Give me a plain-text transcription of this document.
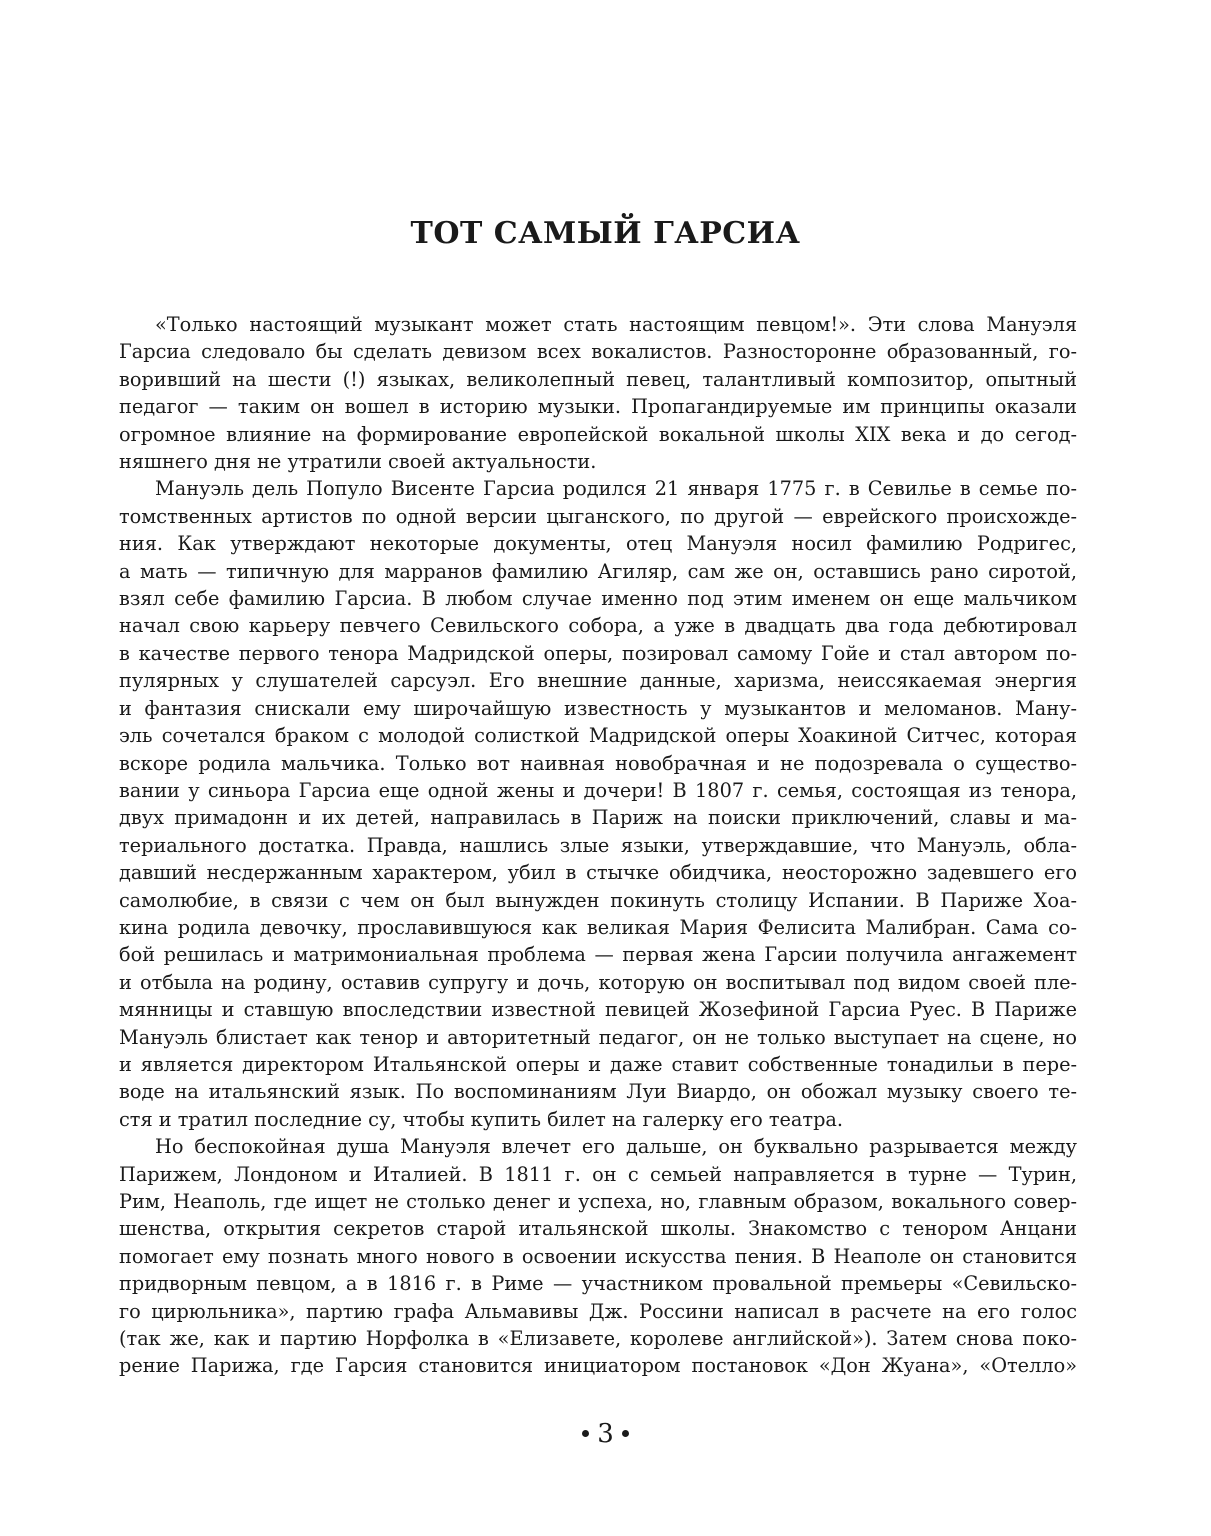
ТОТ САМЫЙ ГАРСИА

«Только настоящий музыкант может стать настоящим певцом!». Эти слова Мануэля
Гарсиа следовало бы сделать девизом всех вокалистов. Разносторонне образованный, го-
воривший на шести (!) языках, великолепный певец, талантливый композитор, опытный
педагог — таким он вошел в историю музыки. Пропагандируемые им принципы оказали
огромное влияние на формирование европейской вокальной школы XIX века и до сегод-
няшнего дня не утратили своей актуальности.

Мануэль дель Популо Висенте Гарсиа родился 21 января 1775 г. в Севилье в семье по-
томственных артистов по одной версии цыганского, по другой — еврейского происхожде-
ния. Как утверждают некоторые документы, отец Мануэля носил фамилию Родригес,
а мать — типичную для марранов фамилию Агиляр, сам же он, оставшись рано сиротой,
взял себе фамилию Гарсиа. В любом случае именно под этим именем он еще мальчиком
начал свою карьеру певчего Севильского собора, а уже в двадцать два года дебютировал
в качестве первого тенора Мадридской оперы, позировал самому Гойе и стал автором по-
пулярных у слушателей сарсуэл. Его внешние данные, харизма, неиссякаемая энергия
и фантазия снискали ему широчайшую известность у музыкантов и меломанов. Ману-
эль сочетался браком с молодой солисткой Мадридской оперы Хоакиной Ситчес, которая
вскоре родила мальчика. Только вот наивная новобрачная и не подозревала о существо-
вании у синьора Гарсиа еще одной жены и дочери! В 1807 г. семья, состоящая из тенора,
двух примадонн и их детей, направилась в Париж на поиски приключений, славы и ма-
териального достатка. Правда, нашлись злые языки, утверждавшие, что Мануэль, обла-
давший несдержанным характером, убил в стычке обидчика, неосторожно задевшего его
самолюбие, в связи с чем он был вынужден покинуть столицу Испании. В Париже Хоа-
кина родила девочку, прославившуюся как великая Мария Фелисита Малибран. Сама со-
бой решилась и матримониальная проблема — первая жена Гарсии получила ангажемент
и отбыла на родину, оставив супругу и дочь, которую он воспитывал под видом своей пле-
мянницы и ставшую впоследствии известной певицей Жозефиной Гарсиа Руес. В Париже
Мануэль блистает как тенор и авторитетный педагог, он не только выступает на сцене, но
и является директором Итальянской оперы и даже ставит собственные тонадильи в пере-
воде на итальянский язык. По воспоминаниям Луи Виардо, он обожал музыку своего те-
стя и тратил последние су, чтобы купить билет на галерку его театра.

Но беспокойная душа Мануэля влечет его дальше, он буквально разрывается между
Парижем, Лондоном и Италией. В 1811 г. он с семьей направляется в турне — Турин,
Рим, Неаполь, где ищет не столько денег и успеха, но, главным образом, вокального совер-
шенства, открытия секретов старой итальянской школы. Знакомство с тенором Анцани
помогает ему познать много нового в освоении искусства пения. В Неаполе он становится
придворным певцом, а в 1816 г. в Риме — участником провальной премьеры «Севильско-
го цирюльника», партию графа Альмавивы Дж. Россини написал в расчете на его голос
(так же, как и партию Норфолка в «Елизавете, королеве английской»). Затем снова поко-
рение Парижа, где Гарсия становится инициатором постановок «Дон Жуана», «Отелло»

3
